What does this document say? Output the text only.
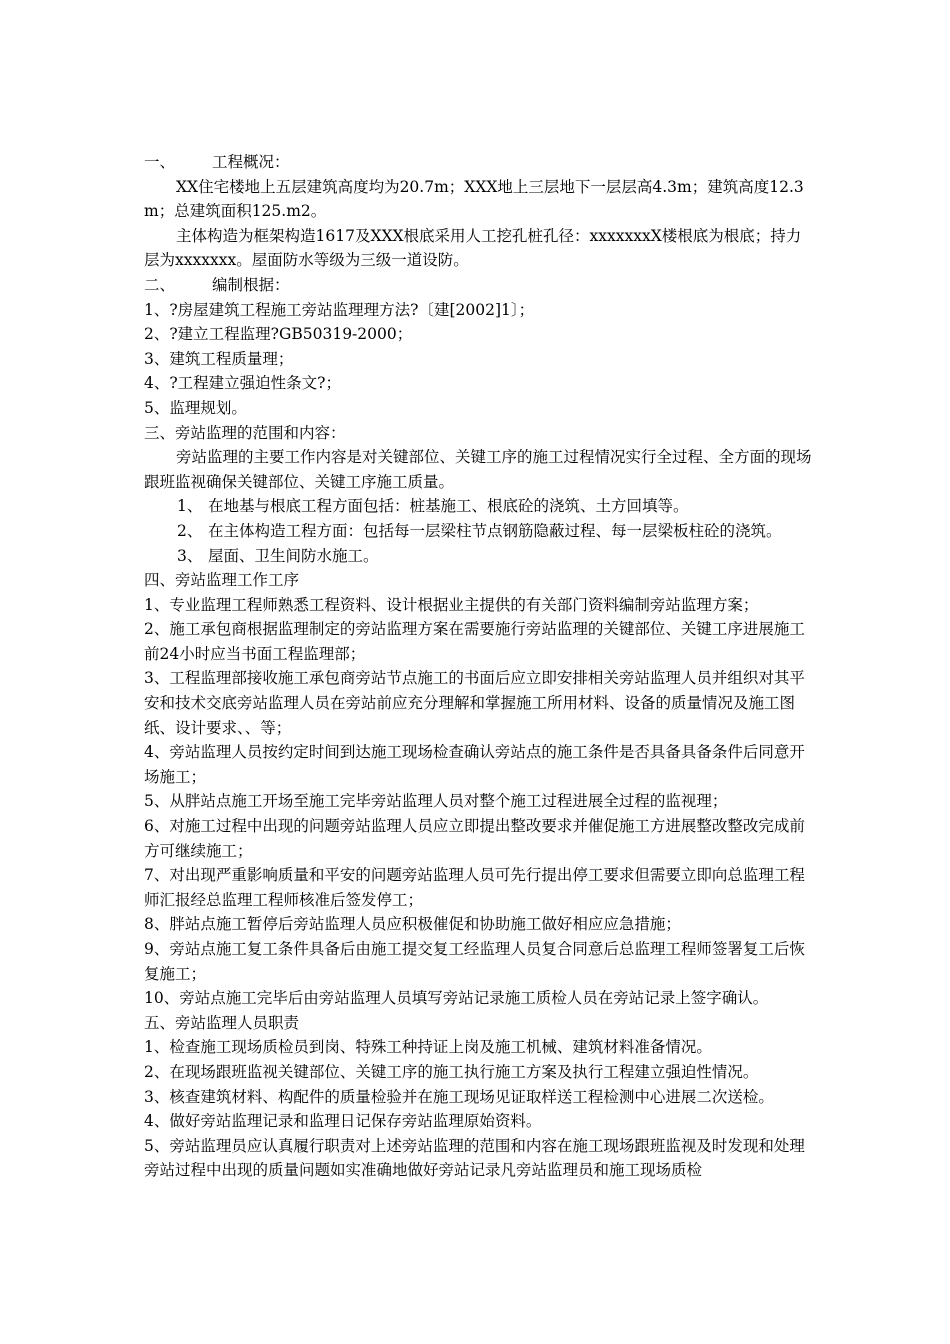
一、 工程概况：

XX住宅楼地上五层建筑高度均为20.7m；XXX地上三层地下一层层高4.3m；建筑高度12.3m；总建筑面积125.m2。

主体构造为框架构造1617及XXX根底采用人工挖孔桩孔径：xxxxxxxX楼根底为根底；持力层为xxxxxxx。屋面防水等级为三级一道设防。

二、 编制根据：

1、?房屋建筑工程施工旁站监理理方法?〔建[2002]1〕；

2、?建立工程监理?GB50319-2000；

3、建筑工程质量理；

4、?工程建立强迫性条文?；

5、监理规划。

三、旁站监理的范围和内容：

旁站监理的主要工作内容是对关键部位、关键工序的施工过程情况实行全过程、全方面的现场跟班监视确保关键部位、关键工序施工质量。

1、 在地基与根底工程方面包括：桩基施工、根底砼的浇筑、土方回填等。

2、 在主体构造工程方面：包括每一层梁柱节点钢筋隐蔽过程、每一层梁板柱砼的浇筑。

3、 屋面、卫生间防水施工。

四、旁站监理工作工序

1、专业监理工程师熟悉工程资料、设计根据业主提供的有关部门资料编制旁站监理方案；

2、施工承包商根据监理制定的旁站监理方案在需要施行旁站监理的关键部位、关键工序进展施工前24小时应当书面工程监理部；

3、工程监理部接收施工承包商旁站节点施工的书面后应立即安排相关旁站监理人员并组织对其平安和技术交底旁站监理人员在旁站前应充分理解和掌握施工所用材料、设备的质量情况及施工图纸、设计要求、、等；

4、旁站监理人员按约定时间到达施工现场检查确认旁站点的施工条件是否具备具备条件后同意开场施工；

5、从胖站点施工开场至施工完毕旁站监理人员对整个施工过程进展全过程的监视理；

6、对施工过程中出现的问题旁站监理人员应立即提出整改要求并催促施工方进展整改整改完成前方可继续施工；

7、对出现严重影响质量和平安的问题旁站监理人员可先行提出停工要求但需要立即向总监理工程师汇报经总监理工程师核准后签发停工；

8、胖站点施工暂停后旁站监理人员应积极催促和协助施工做好相应应急措施；

9、旁站点施工复工条件具备后由施工提交复工经监理人员复合同意后总监理工程师签署复工后恢复施工；

10、旁站点施工完毕后由旁站监理人员填写旁站记录施工质检人员在旁站记录上签字确认。

五、旁站监理人员职责

1、检查施工现场质检员到岗、特殊工种持证上岗及施工机械、建筑材料准备情况。

2、在现场跟班监视关键部位、关键工序的施工执行施工方案及执行工程建立强迫性情况。

3、核查建筑材料、构配件的质量检验并在施工现场见证取样送工程检测中心进展二次送检。

4、做好旁站监理记录和监理日记保存旁站监理原始资料。

5、旁站监理员应认真履行职责对上述旁站监理的范围和内容在施工现场跟班监视及时发现和处理旁站过程中出现的质量问题如实准确地做好旁站记录凡旁站监理员和施工现场质检
